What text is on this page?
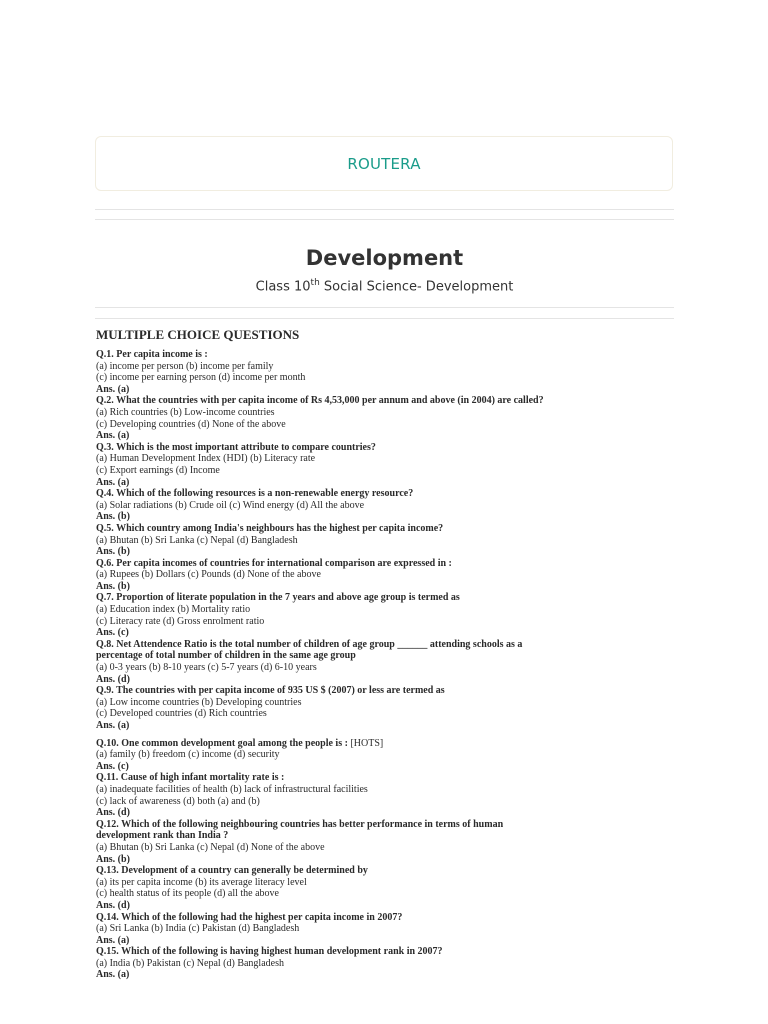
ROUTERA
Development
Class 10th Social Science- Development
MULTIPLE CHOICE QUESTIONS
Q.1. Per capita income is :
(a) income per person (b) income per family
(c) income per earning person (d) income per month
Ans. (a)
Q.2. What the countries with per capita income of Rs 4,53,000 per annum and above (in 2004) are called?
(a) Rich countries (b) Low-income countries
(c) Developing countries (d) None of the above
Ans. (a)
Q.3. Which is the most important attribute to compare countries?
(a) Human Development Index (HDI) (b) Literacy rate
(c) Export earnings (d) Income
Ans. (a)
Q.4. Which of the following resources is a non-renewable energy resource?
(a) Solar radiations (b) Crude oil (c) Wind energy (d) All the above
Ans. (b)
Q.5. Which country among India's neighbours has the highest per capita income?
(a) Bhutan (b) Sri Lanka (c) Nepal (d) Bangladesh
Ans. (b)
Q.6. Per capita incomes of countries for international comparison are expressed in :
(a) Rupees (b) Dollars (c) Pounds (d) None of the above
Ans. (b)
Q.7. Proportion of literate population in the 7 years and above age group is termed as
(a) Education index (b) Mortality ratio
(c) Literacy rate (d) Gross enrolment ratio
Ans. (c)
Q.8. Net Attendence Ratio is the total number of children of age group ______ attending schools as a percentage of total number of children in the same age group
(a) 0-3 years (b) 8-10 years (c) 5-7 years (d) 6-10 years
Ans. (d)
Q.9. The countries with per capita income of 935 US $ (2007) or less are termed as
(a) Low income countries (b) Developing countries
(c) Developed countries (d) Rich countries
Ans. (a)
Q.10. One common development goal among the people is : [HOTS]
(a) family (b) freedom (c) income (d) security
Ans. (c)
Q.11. Cause of high infant mortality rate is :
(a) inadequate facilities of health (b) lack of infrastructural facilities
(c) lack of awareness (d) both (a) and (b)
Ans. (d)
Q.12. Which of the following neighbouring countries has better performance in terms of human development rank than India ?
(a) Bhutan (b) Sri Lanka (c) Nepal (d) None of the above
Ans. (b)
Q.13. Development of a country can generally be determined by
(a) its per capita income (b) its average literacy level
(c) health status of its people (d) all the above
Ans. (d)
Q.14. Which of the following had the highest per capita income in 2007?
(a) Sri Lanka (b) India (c) Pakistan (d) Bangladesh
Ans. (a)
Q.15. Which of the following is having highest human development rank in 2007?
(a) India (b) Pakistan (c) Nepal (d) Bangladesh
Ans. (a)
